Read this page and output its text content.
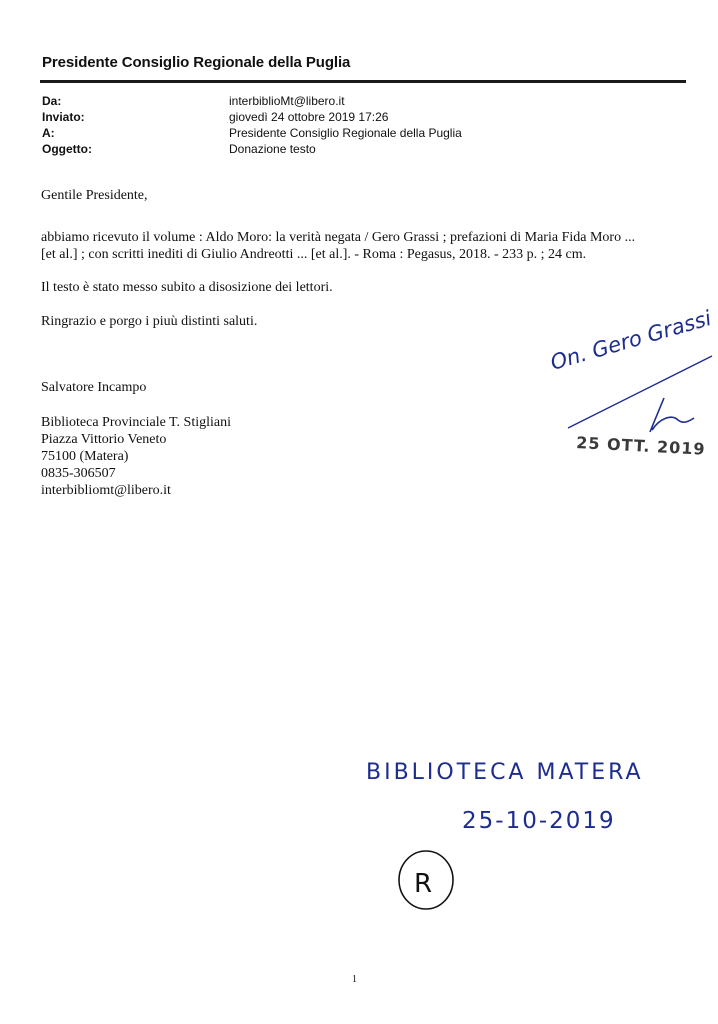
Presidente Consiglio Regionale della Puglia
Da:	interbiblioMt@libero.it
Inviato:	giovedì 24 ottobre 2019 17:26
A:	Presidente Consiglio Regionale della Puglia
Oggetto:	Donazione testo
Gentile Presidente,
abbiamo ricevuto il volume : Aldo Moro: la verità negata / Gero Grassi ; prefazioni di Maria Fida Moro ...
[et al.] ; con scritti inediti di Giulio Andreotti ... [et al.]. - Roma : Pegasus, 2018. - 233 p. ; 24 cm.
Il testo è stato messo subito a disosizione dei lettori.
Ringrazio e porgo i piuù distinti saluti.
Salvatore Incampo
Biblioteca Provinciale T. Stigliani
Piazza Vittorio Veneto
75100 (Matera)
0835-306507
interbibliomt@libero.it
On. Gero Grassi
25 OTT. 2019
BIBLIOTECA MATERA
25-10-2019
R
1
